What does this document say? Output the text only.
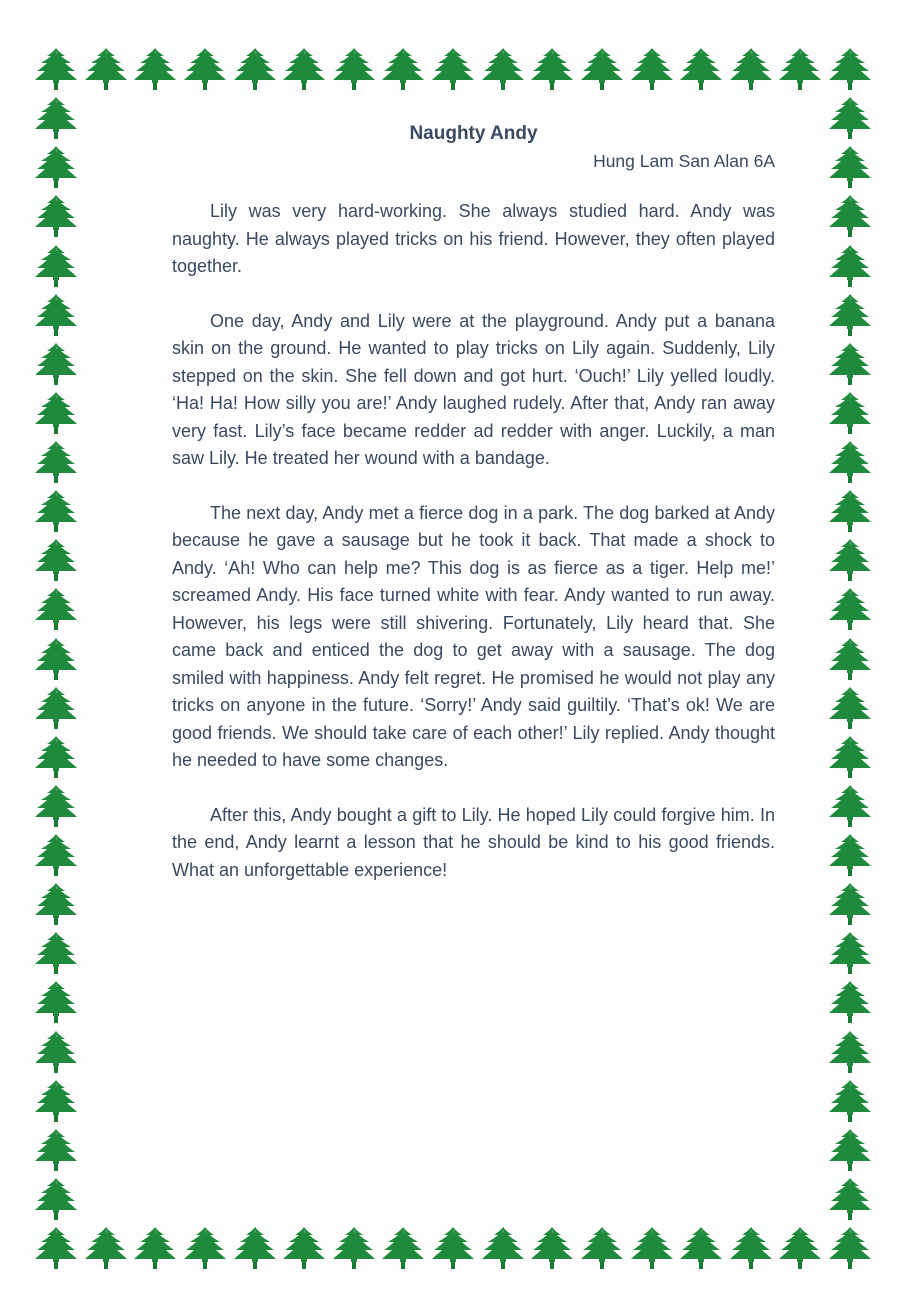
Naughty Andy

Hung Lam San Alan 6A

Lily was very hard-working. She always studied hard. Andy was naughty. He always played tricks on his friend. However, they often played together.

One day, Andy and Lily were at the playground. Andy put a banana skin on the ground. He wanted to play tricks on Lily again. Suddenly, Lily stepped on the skin. She fell down and got hurt. ‘Ouch!’ Lily yelled loudly. ‘Ha! Ha! How silly you are!’ Andy laughed rudely. After that, Andy ran away very fast. Lily’s face became redder ad redder with anger. Luckily, a man saw Lily. He treated her wound with a bandage.

The next day, Andy met a fierce dog in a park. The dog barked at Andy because he gave a sausage but he took it back. That made a shock to Andy. ‘Ah! Who can help me? This dog is as fierce as a tiger. Help me!’ screamed Andy. His face turned white with fear. Andy wanted to run away. However, his legs were still shivering. Fortunately, Lily heard that. She came back and enticed the dog to get away with a sausage. The dog smiled with happiness. Andy felt regret. He promised he would not play any tricks on anyone in the future. ‘Sorry!’ Andy said guiltily. ‘That’s ok! We are good friends. We should take care of each other!’ Lily replied. Andy thought he needed to have some changes.

After this, Andy bought a gift to Lily. He hoped Lily could forgive him. In the end, Andy learnt a lesson that he should be kind to his good friends. What an unforgettable experience!
